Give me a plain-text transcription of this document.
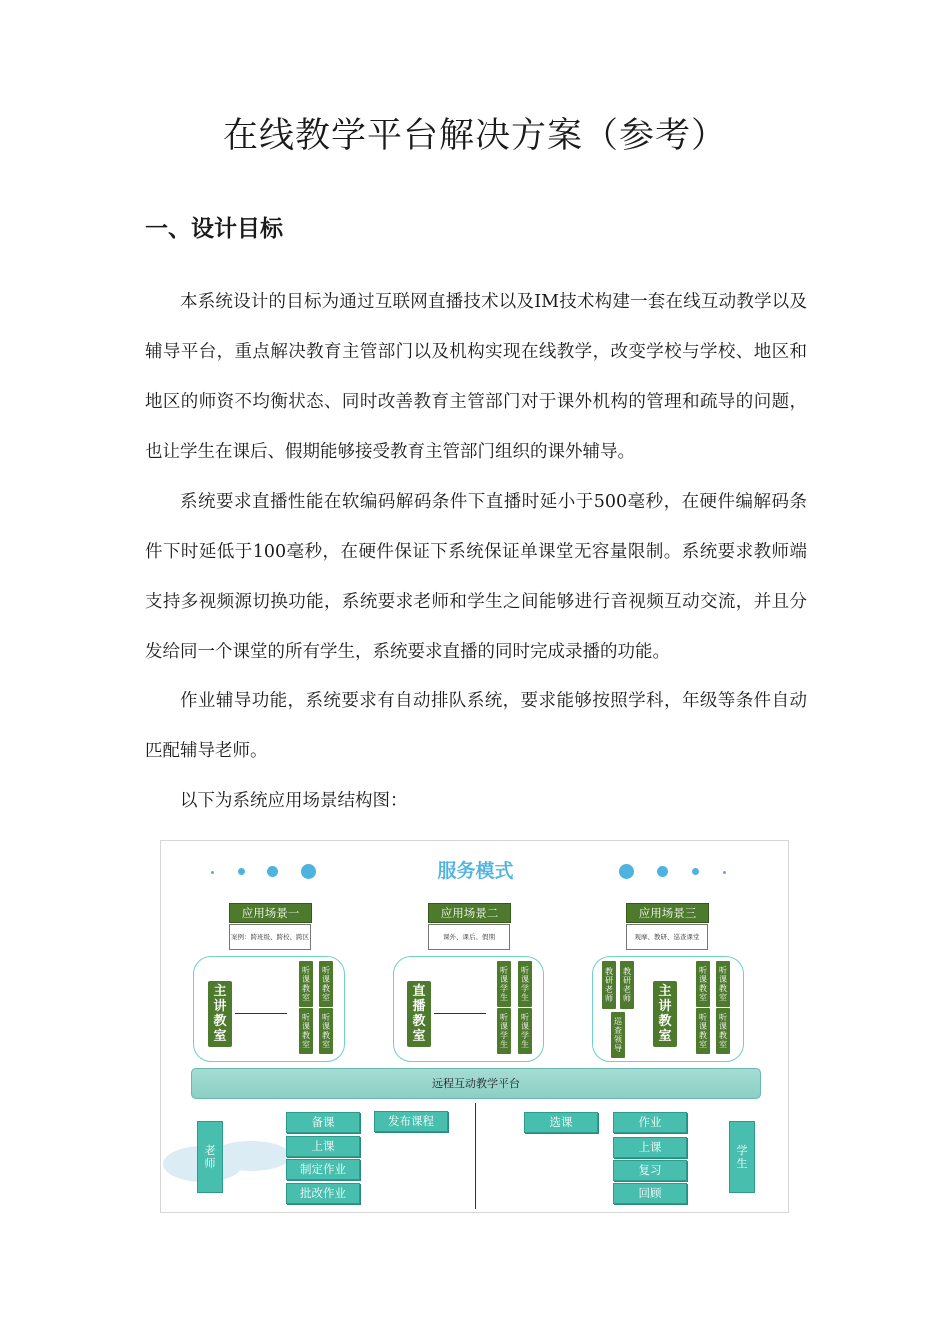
在线教学平台解决方案（参考）
一、设计目标

本系统设计的目标为通过互联网直播技术以及IM技术构建一套在线互动教学以及辅导平台，重点解决教育主管部门以及机构实现在线教学，改变学校与学校、地区和地区的师资不均衡状态、同时改善教育主管部门对于课外机构的管理和疏导的问题，也让学生在课后、假期能够接受教育主管部门组织的课外辅导。

系统要求直播性能在软编码解码条件下直播时延小于500毫秒，在硬件编解码条件下时延低于100毫秒，在硬件保证下系统保证单课堂无容量限制。系统要求教师端支持多视频源切换功能，系统要求老师和学生之间能够进行音视频互动交流，并且分发给同一个课堂的所有学生，系统要求直播的同时完成录播的功能。

作业辅导功能，系统要求有自动排队系统，要求能够按照学科，年级等条件自动匹配辅导老师。

以下为系统应用场景结构图：

服务模式
应用场景一
案例：跨班级、跨校、跨区
应用场景二
课外、课后、假期
应用场景三
观摩、教研、巡查课堂
主讲教室
听课教室
听课教室
听课教室
听课教室
直播教室
听课学生
听课学生
听课学生
听课学生
教研老师
教研老师
巡查领导
主讲教室
听课教室
听课教室
听课教室
听课教室
远程互动教学平台
老师
备课
上课
制定作业
批改作业
发布课程	选课	作业
上课
复习
回顾
学生
